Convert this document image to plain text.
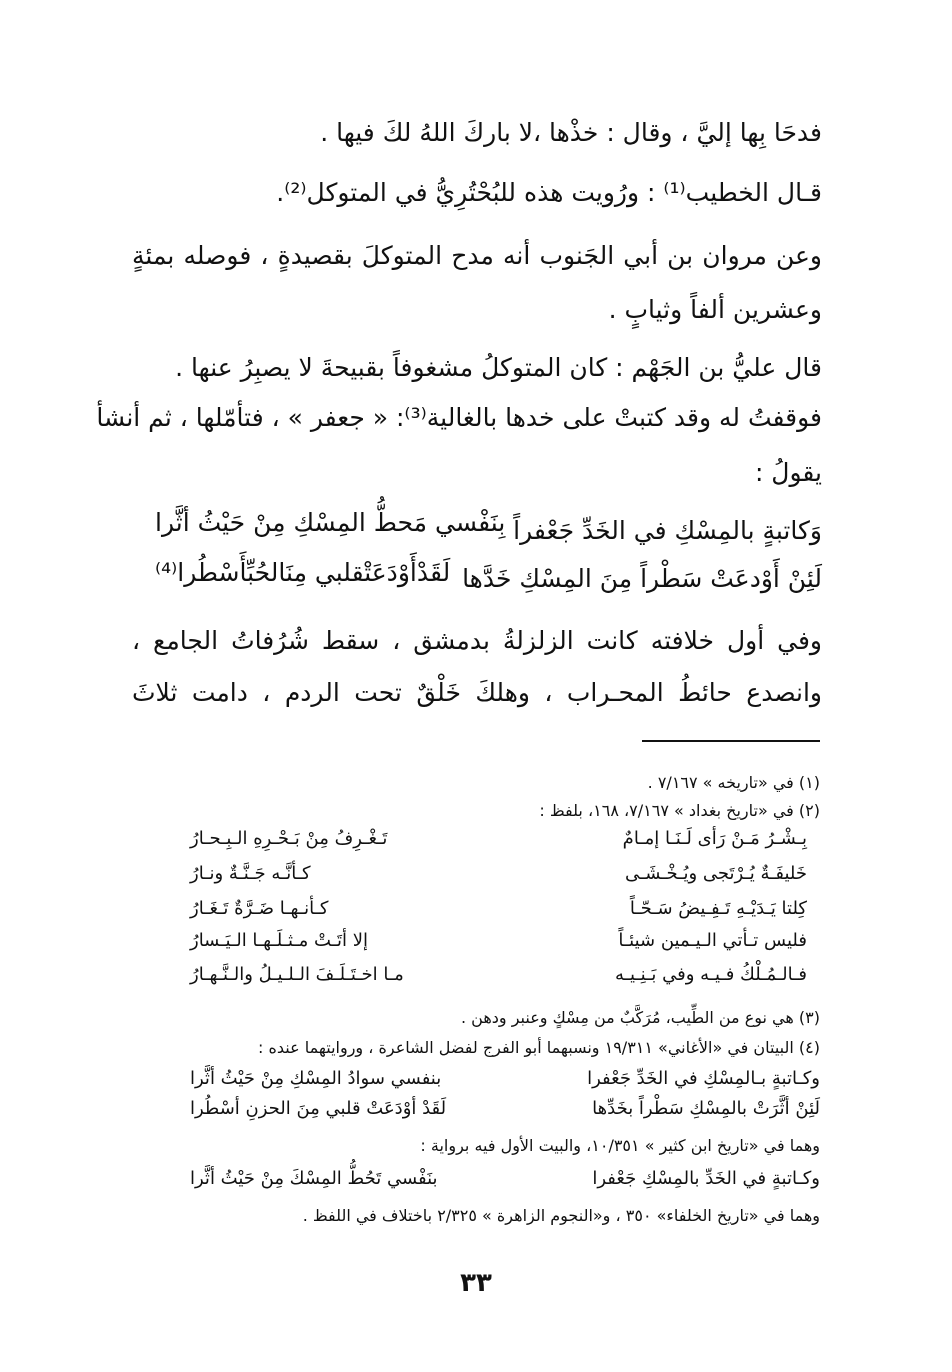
فدحَا بِها إليَّ ، وقال : خذْها ،لا باركَ اللهُ لكَ فيها .

قـال الخطيب⁽¹⁾ : ورُويت هذه للبُحْتُرِيُّ في المتوكل⁽²⁾.

وعن مروان بن أبي الجَنوب أنه مدح المتوكلَ بقصيدةٍ ، فوصله بمئةٍ

وعشرين ألفاً وثيابٍ .

قال عليُّ بن الجَهْم : كان المتوكلُ مشغوفاً بقبيحةَ لا يصبِرُ عنها .

فوقفتُ له وقد كتبتْ على خدها بالغالية⁽³⁾: « جعفر » ، فتأمّلها ، ثم أنشأ

يقولُ :

وَكاتبةٍ بالمِسْكِ في الخَدِّ جَعْفراً
بِنَفْسي مَحطُّ المِسْكِ مِنْ حَيْثُ أثَّرا
لَئِنْ أَوْدعَتْ سَطْراً مِنَ المِسْكِ خَدَّها
لَقَدْأَوْدَعَتْقلبي مِنَالحُبِّأَسْطُرا⁽⁴⁾
وفي أول خلافته كانت الزلزلةُ بدمشق ، سقط شُرُفاتُ الجامع ،
وانصدع حائطُ المحـراب ، وهلكَ خَلْقٌ تحت الردم ، دامت ثلاثَ
(١) في «تاريخه » ٧/١٦٧ .
(٢) في «تاريخ بغداد » ٧/١٦٧، ١٦٨، بلفظ :
بِـشْـرُ مَـنْ رَأى لَـنَـا إمـامٌ
تَـغْـرِفُ مِنْ بَـحْـرِهِ الـبِـحـارُ
خَليفَـةٌ يُـرْتَجى ويُـخْـشَـى
كـأنَّـه جَـنَّـةٌ ونـارُ
كِلتا يَـدَيْـهِ تَـفِـيضُ سَـحّـاً
كـأنـهـا ضَـرَّةٌ تَـغَـارُ
فليس تـأتي الـيـمين شيئـاً
إلا أتَـتْ مـثـلَـهـا الـيَـسارُ
فـالـمُـلْكُ فـيـه وفي بَـنِـيـه
مـا اخـتَـلَـفَ الـلـيـلُ والـنَّـهـارُ
(٣) هي نوع من الطِّيب، مُرَكَّبٌ من مِسْكٍ وعنبر ودهن .
(٤) البيتان في «الأغاني» ١٩/٣١١ ونسبهما أبو الفرج لفضل الشاعرة ، وروايتهما عنده :
وكـاتبةٍ بـالمِسْكِ في الخَدِّ جَعْفرا
بنفسي سوادُ المِسْكِ مِنْ حَيْثُ أثَّرا
لَئِنْ أثَّرَتْ بالمِسْكِ سَطْراً بخَدِّها
لَقَدْ أوْدَعَتْ قلبي مِنَ الحزنِ أسْطُرا
وهما في «تاريخ ابن كثير » ١٠/٣٥١، والبيت الأول فيه برواية :
وكـاتبةٍ في الخَدِّ بالمِسْكِ جَعْفرا
بنَفْسي تَحُطُّ المِسْكَ مِنْ حَيْثُ أثَّرا
وهما في «تاريخ الخلفاء» ٣٥٠ ، و«النجوم الزاهرة » ٢/٣٢٥ باختلاف في اللفظ .
٣٣
